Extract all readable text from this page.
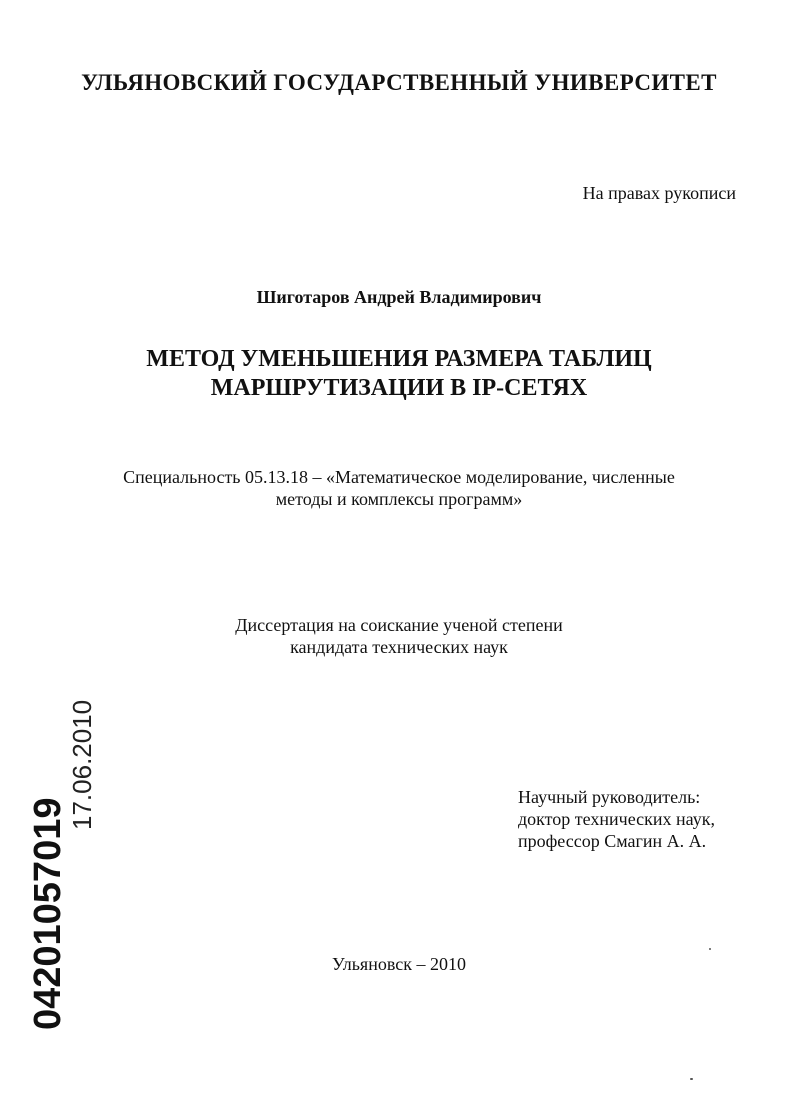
УЛЬЯНОВСКИЙ ГОСУДАРСТВЕННЫЙ УНИВЕРСИТЕТ
На правах рукописи
Шиготаров Андрей Владимирович
МЕТОД УМЕНЬШЕНИЯ РАЗМЕРА ТАБЛИЦ
МАРШРУТИЗАЦИИ В IP-СЕТЯХ
Специальность 05.13.18 – «Математическое моделирование, численные
методы и комплексы программ»
Диссертация на соискание ученой степени
кандидата технических наук
Научный руководитель:
доктор технических наук,
профессор Смагин А. А.
Ульяновск – 2010
04201057019
17.06.2010
